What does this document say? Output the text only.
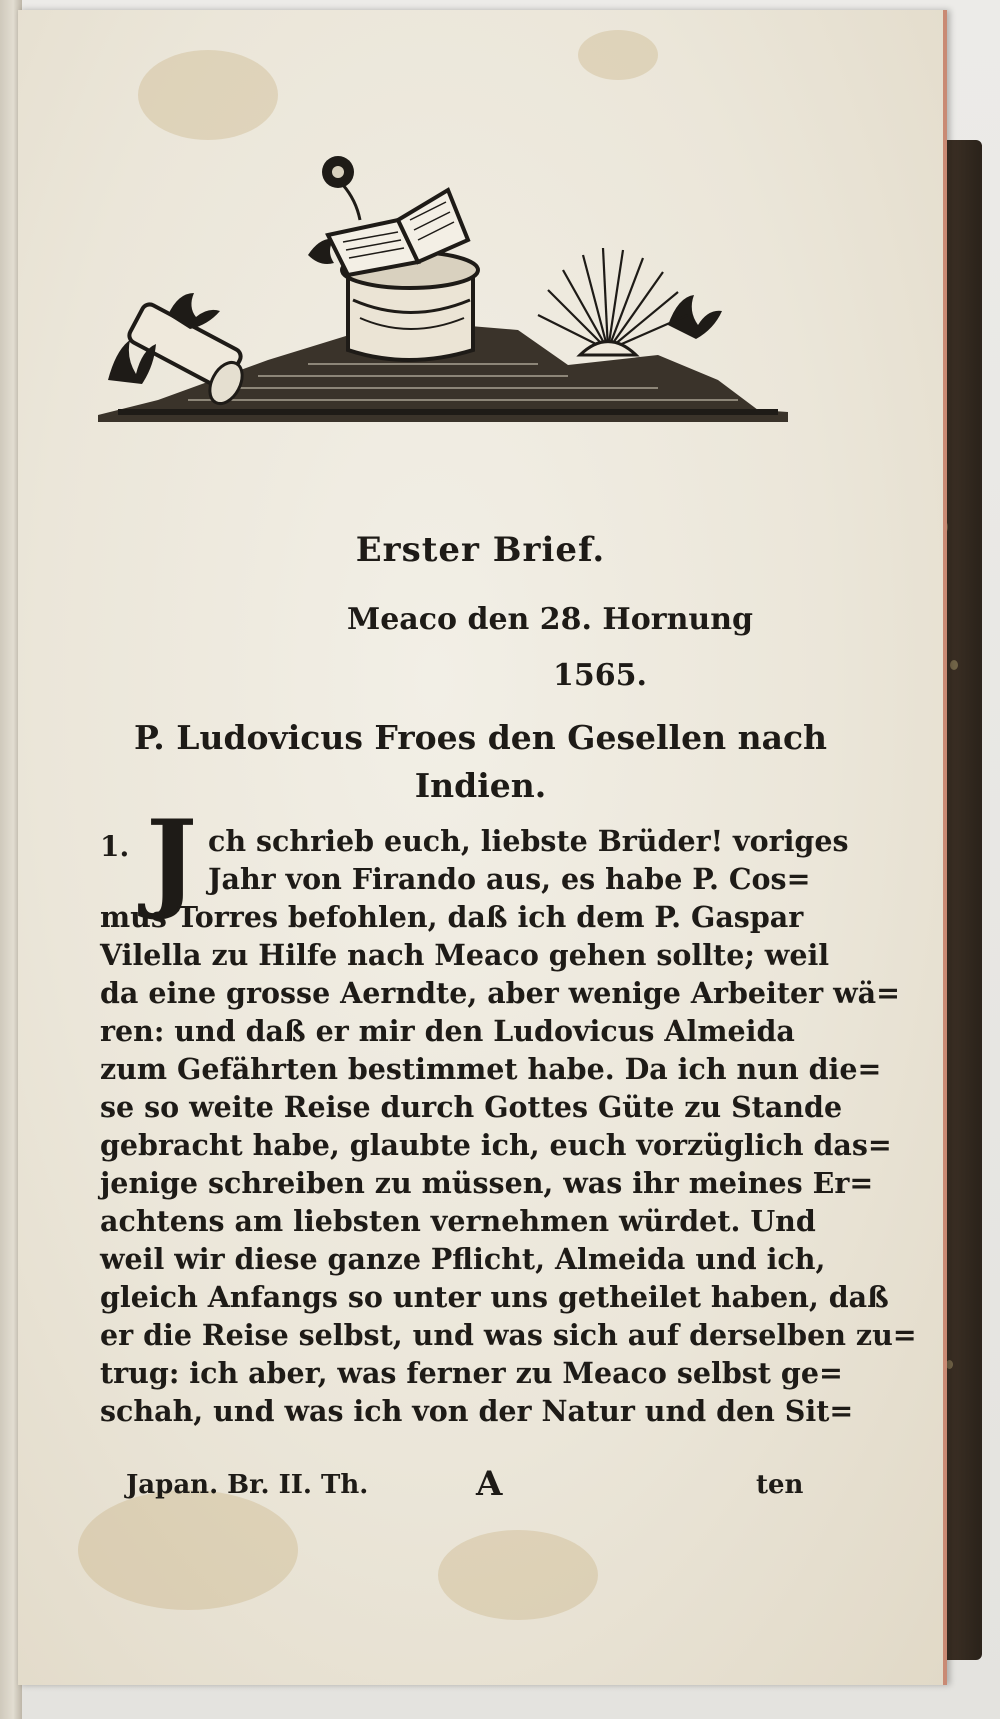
Erster Brief.
Meaco den 28. Hornung
1565.
P. Ludovicus Froes den Gesellen nach
Indien.
1. J ch schrieb euch, liebste Brüder! voriges
Jahr von Firando aus, es habe P. Cos=
mus Torres befohlen, daß ich dem P. Gaspar
Vilella zu Hilfe nach Meaco gehen sollte; weil
da eine grosse Aerndte, aber wenige Arbeiter wä=
ren: und daß er mir den Ludovicus Almeida
zum Gefährten bestimmet habe. Da ich nun die=
se so weite Reise durch Gottes Güte zu Stande
gebracht habe, glaubte ich, euch vorzüglich das=
jenige schreiben zu müssen, was ihr meines Er=
achtens am liebsten vernehmen würdet. Und
weil wir diese ganze Pflicht, Almeida und ich,
gleich Anfangs so unter uns getheilet haben, daß
er die Reise selbst, und was sich auf derselben zu=
trug: ich aber, was ferner zu Meaco selbst ge=
schah, und was ich von der Natur und den Sit=
Japan. Br. II. Th.	A	ten
